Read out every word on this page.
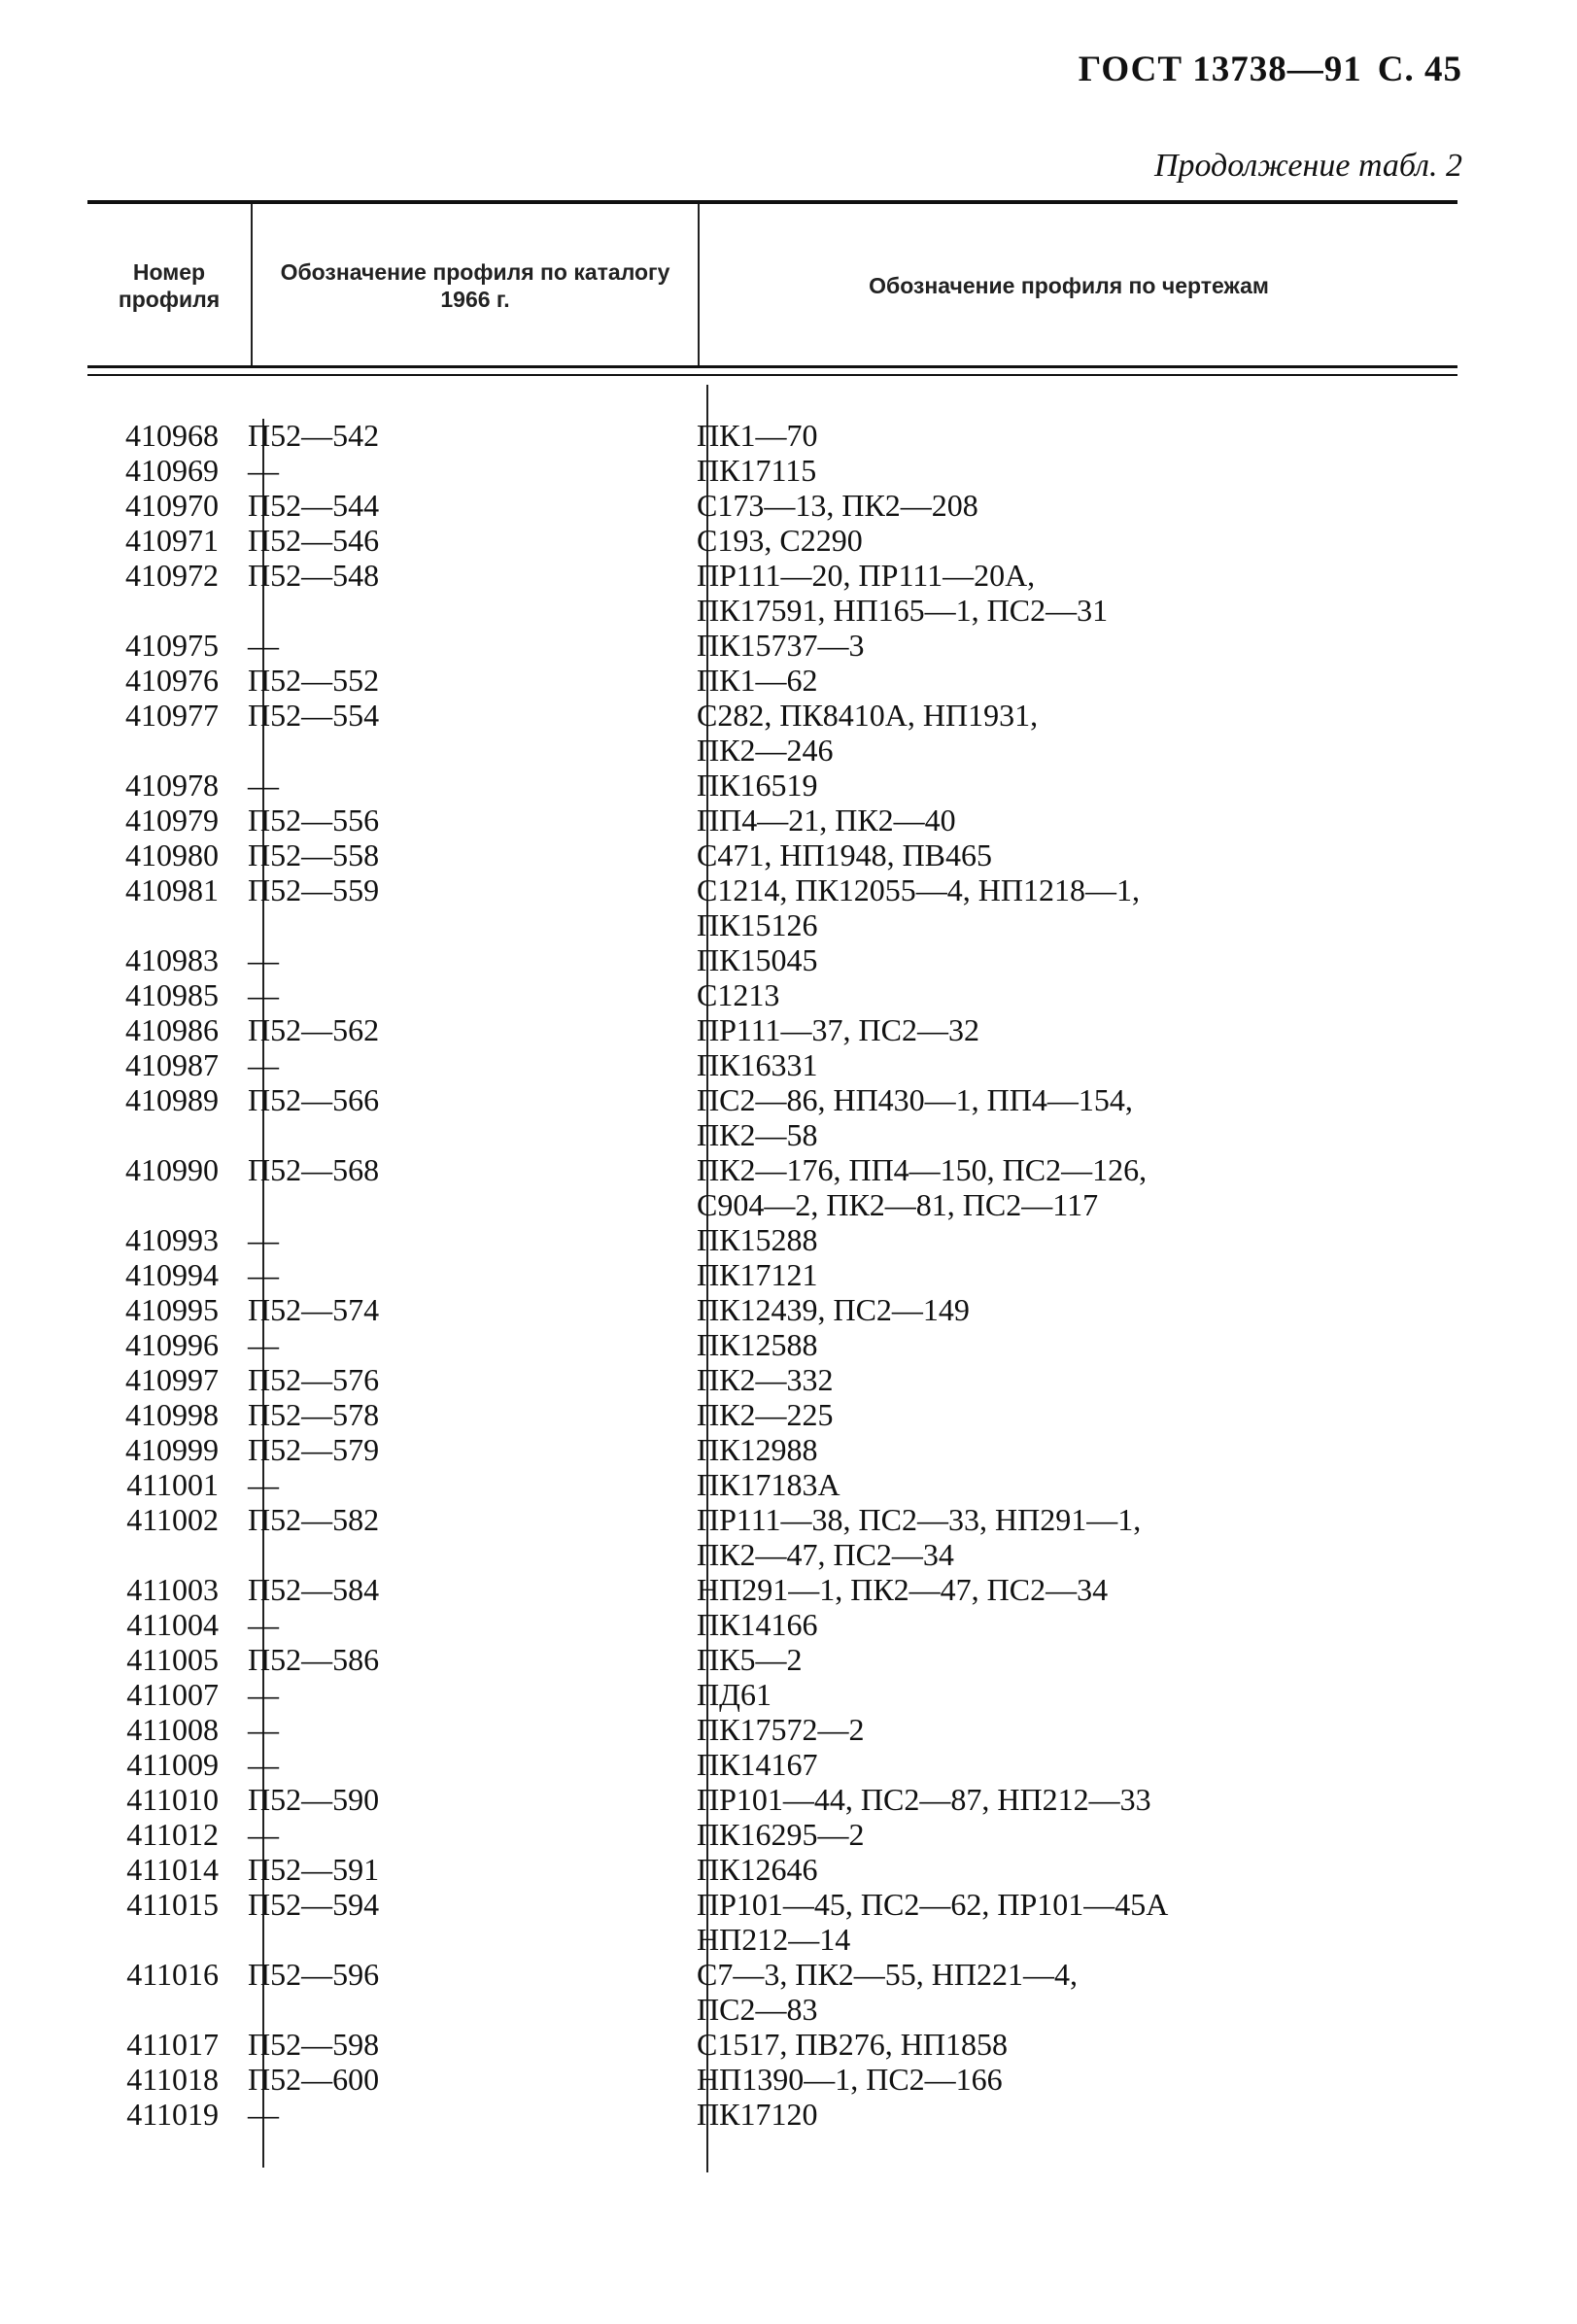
ГОСТ 13738—91 С. 45
Продолжение табл. 2
Номер профиля
Обозначение профиля по каталогу 1966 г.
Обозначение профиля по чертежам
410968 П52—542	ПК1—70
410969 —	ПК17115
410970 П52—544	С173—13, ПК2—208
410971 П52—546	С193, С2290
410972 П52—548	ПР111—20, ПР111—20А,
ПК17591, НП165—1, ПС2—31
410975 —	ПК15737—3
410976 П52—552	ПК1—62
410977 П52—554	С282, ПК8410А, НП1931,
ПК2—246
410978 —	ПК16519
410979 П52—556	ПП4—21, ПК2—40
410980 П52—558	С471, НП1948, ПВ465
410981 П52—559	С1214, ПК12055—4, НП1218—1,
ПК15126
410983 —	ПК15045
410985 —	С1213
410986 П52—562	ПР111—37, ПС2—32
410987 —	ПК16331
410989 П52—566	ПС2—86, НП430—1, ПП4—154,
ПК2—58
410990 П52—568	ПК2—176, ПП4—150, ПС2—126,
С904—2, ПК2—81, ПС2—117
410993 —	ПК15288
410994 —	ПК17121
410995 П52—574	ПК12439, ПС2—149
410996 —	ПК12588
410997 П52—576	ПК2—332
410998 П52—578	ПК2—225
410999 П52—579	ПК12988
411001 —	ПК17183А
411002 П52—582	ПР111—38, ПС2—33, НП291—1,
ПК2—47, ПС2—34
411003 П52—584	НП291—1, ПК2—47, ПС2—34
411004 —	ПК14166
411005 П52—586	ПК5—2
411007 —	ПД61
411008 —	ПК17572—2
411009 —	ПК14167
411010 П52—590	ПР101—44, ПС2—87, НП212—33
411012 —	ПК16295—2
411014 П52—591	ПК12646
411015 П52—594	ПР101—45, ПС2—62, ПР101—45А
НП212—14
411016 П52—596	С7—3, ПК2—55, НП221—4,
ПС2—83
411017 П52—598	С1517, ПВ276, НП1858
411018 П52—600	НП1390—1, ПС2—166
411019 —	ПК17120
